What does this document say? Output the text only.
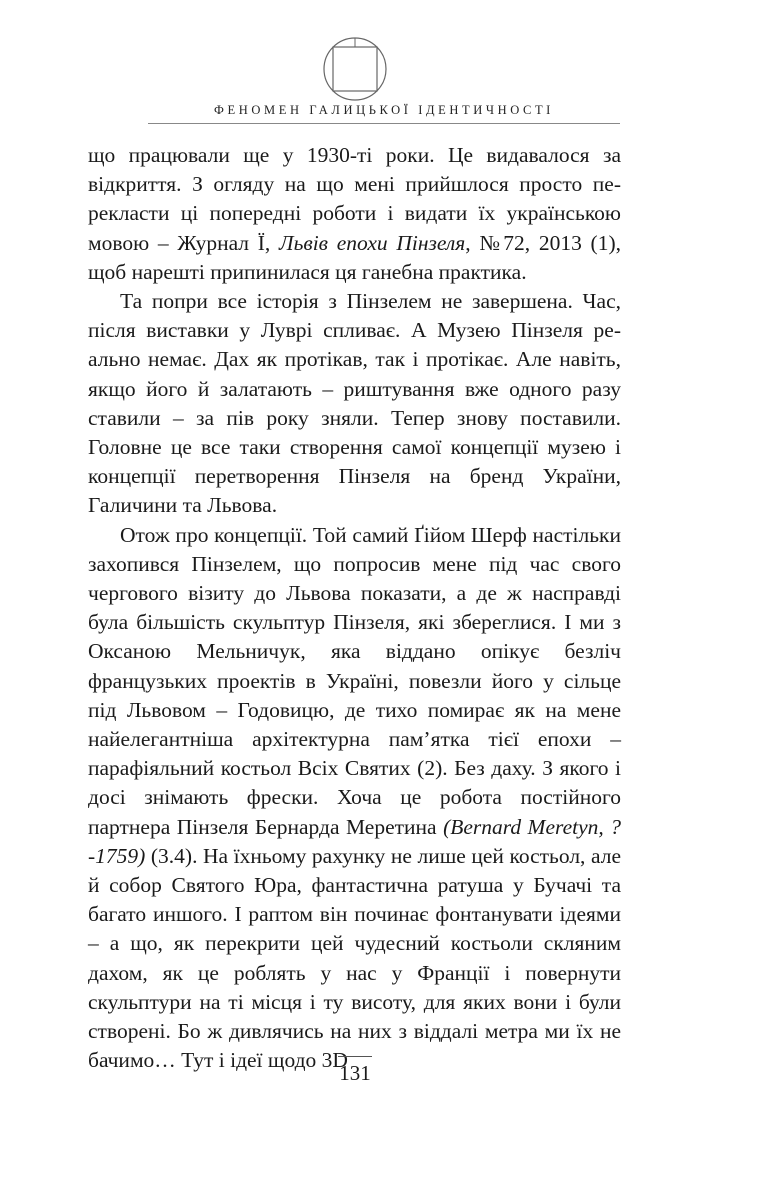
ФЕНОМЕН ГАЛИЦЬКОЇ ІДЕНТИЧНОСТІ

що працювали ще у 1930-ті роки. Це видавалося за відкриття. З огляду на що мені прийшлося просто перекласти ці попередні роботи і видати їх українською мовою – Журнал Ї, Львів епохи Пінзеля, №72, 2013 (1), щоб нарешті припинилася ця ганебна практика.

Та попри все історія з Пінзелем не завершена. Час, після виставки у Луврі спливає. А Музею Пінзеля реально немає. Дах як протікав, так і протікає. Але навіть, якщо його й залатають – риштування вже одного разу ставили – за пів року зняли. Тепер знову поставили. Головне це все таки створення самої концепції музею і концепції перетворення Пінзеля на бренд України, Галичини та Львова.

Отож про концепції. Той самий Ґійом Шерф настільки захопився Пінзелем, що попросив мене під час свого чергового візиту до Львова показати, а де ж насправді була більшість скульптур Пінзеля, які збереглися. І ми з Оксаною Мельничук, яка віддано опікує безліч французьких проектів в Україні, повезли його у сільце під Львовом – Годовицю, де тихо помирає як на мене найелегантніша архітектурна пам’ятка тієї епохи – парафіяльний костьол Всіх Святих (2). Без даху. З якого і досі знімають фрески. Хоча це робота постійного партнера Пінзеля Бернарда Меретина (Bernard Meretyn, ?-1759) (3.4). На їхньому рахунку не лише цей костьол, але й собор Святого Юра, фантастична ратуша у Бучачі та багато иншого. І раптом він починає фонтанувати ідеями – а що, як перекрити цей чудесний костьоли скляним дахом, як це роблять у нас у Франції і повернути скульптури на ті місця і ту висоту, для яких вони і були створені. Бо ж дивлячись на них з віддалі метра ми їх не бачимо… Тут і ідеї щодо 3D

131
